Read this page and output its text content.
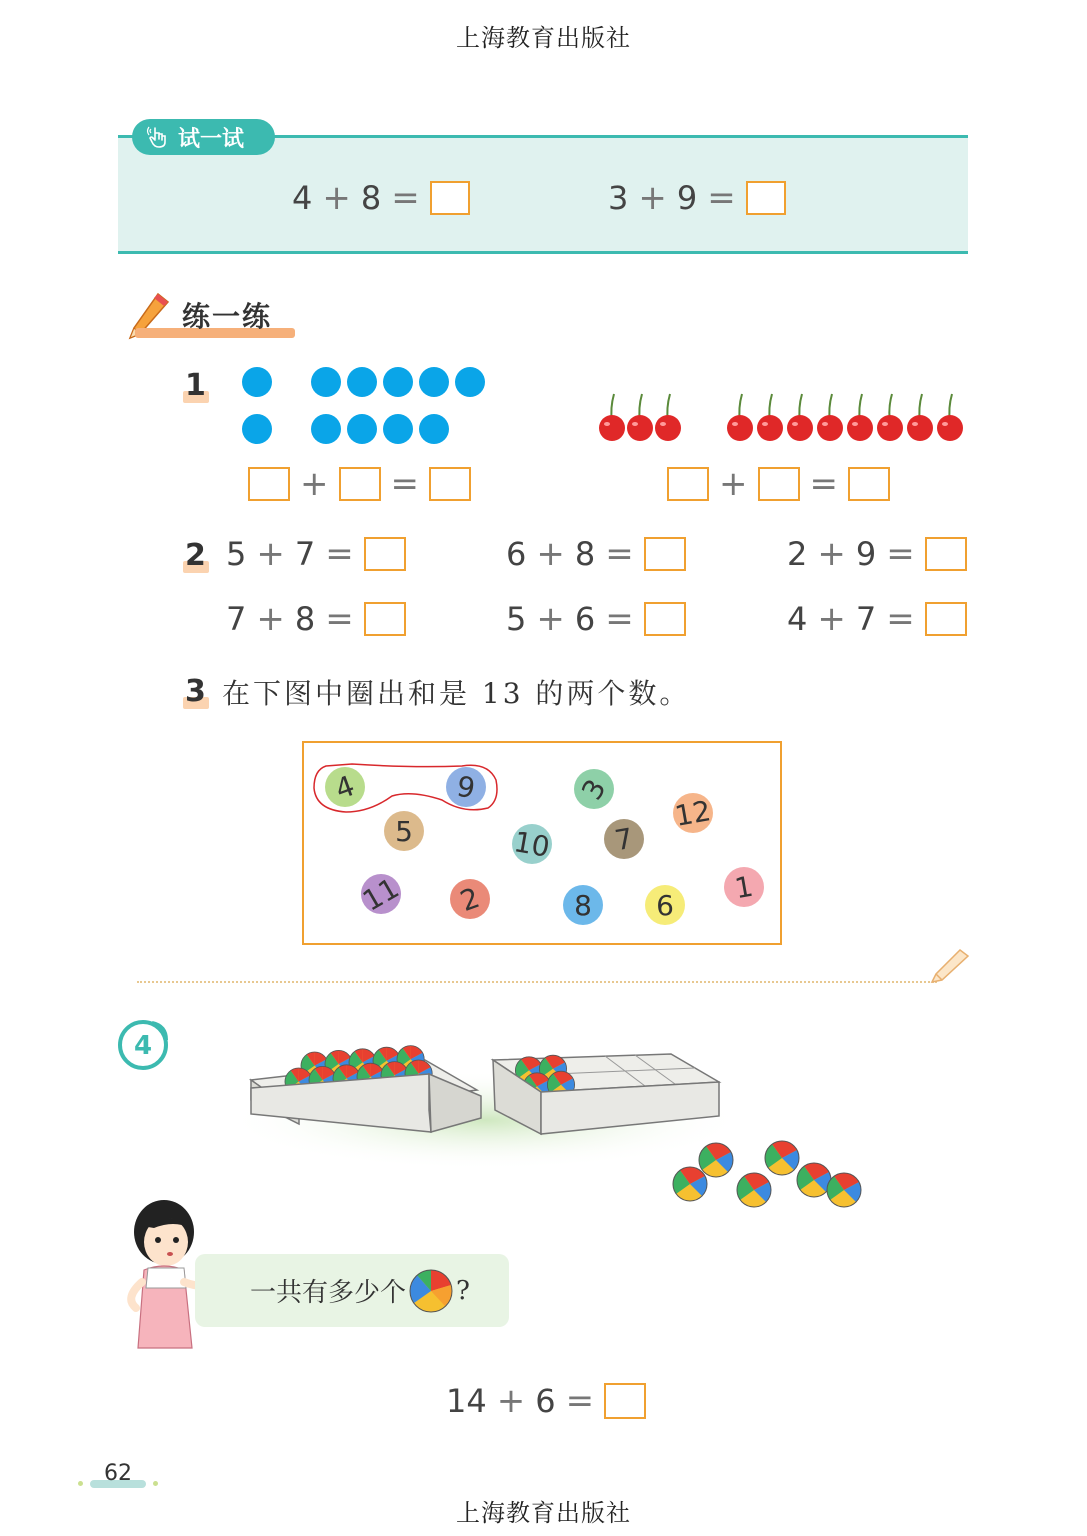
上海教育出版社
试一试
4 + 8 =	3 + 9 =
练一练
1
+ =	+ =
2 5 + 7 =	6 + 8 =	2 + 9 =
7 + 8 =	5 + 6 =	4 + 7 =
3 在下图中圈出和是 13 的两个数。
4	9	3
12
5	10 7
11 2	8 6
1
4
一共有多少个 ?
14 + 6 =
62
上海教育出版社
